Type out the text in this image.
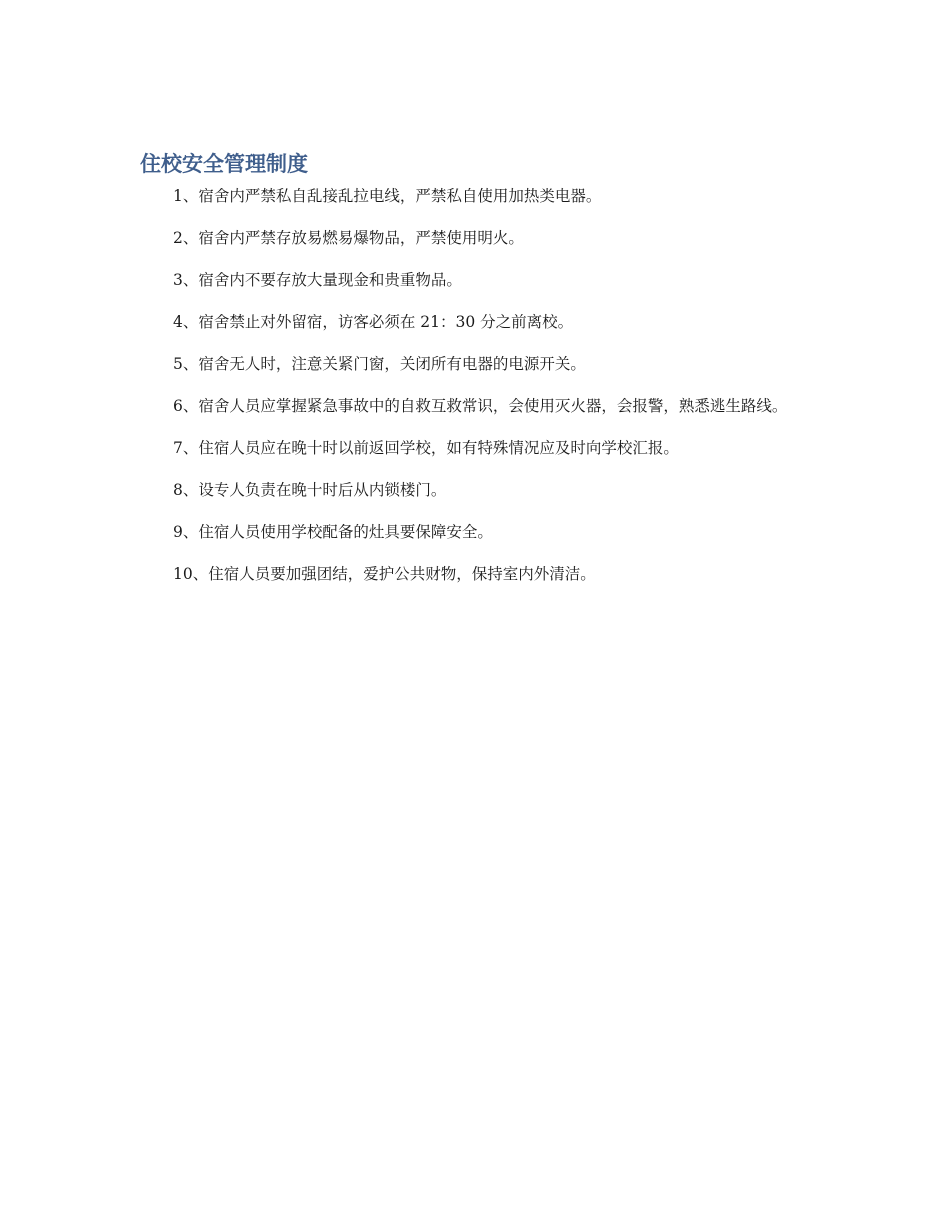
住校安全管理制度
1、宿舍内严禁私自乱接乱拉电线，严禁私自使用加热类电器。
2、宿舍内严禁存放易燃易爆物品，严禁使用明火。
3、宿舍内不要存放大量现金和贵重物品。
4、宿舍禁止对外留宿，访客必须在 21：30 分之前离校。
5、宿舍无人时，注意关紧门窗，关闭所有电器的电源开关。
6、宿舍人员应掌握紧急事故中的自救互救常识，会使用灭火器，会报警，熟悉逃生路线。
7、住宿人员应在晚十时以前返回学校，如有特殊情况应及时向学校汇报。
8、设专人负责在晚十时后从内锁楼门。
9、住宿人员使用学校配备的灶具要保障安全。
10、住宿人员要加强团结，爱护公共财物，保持室内外清洁。
